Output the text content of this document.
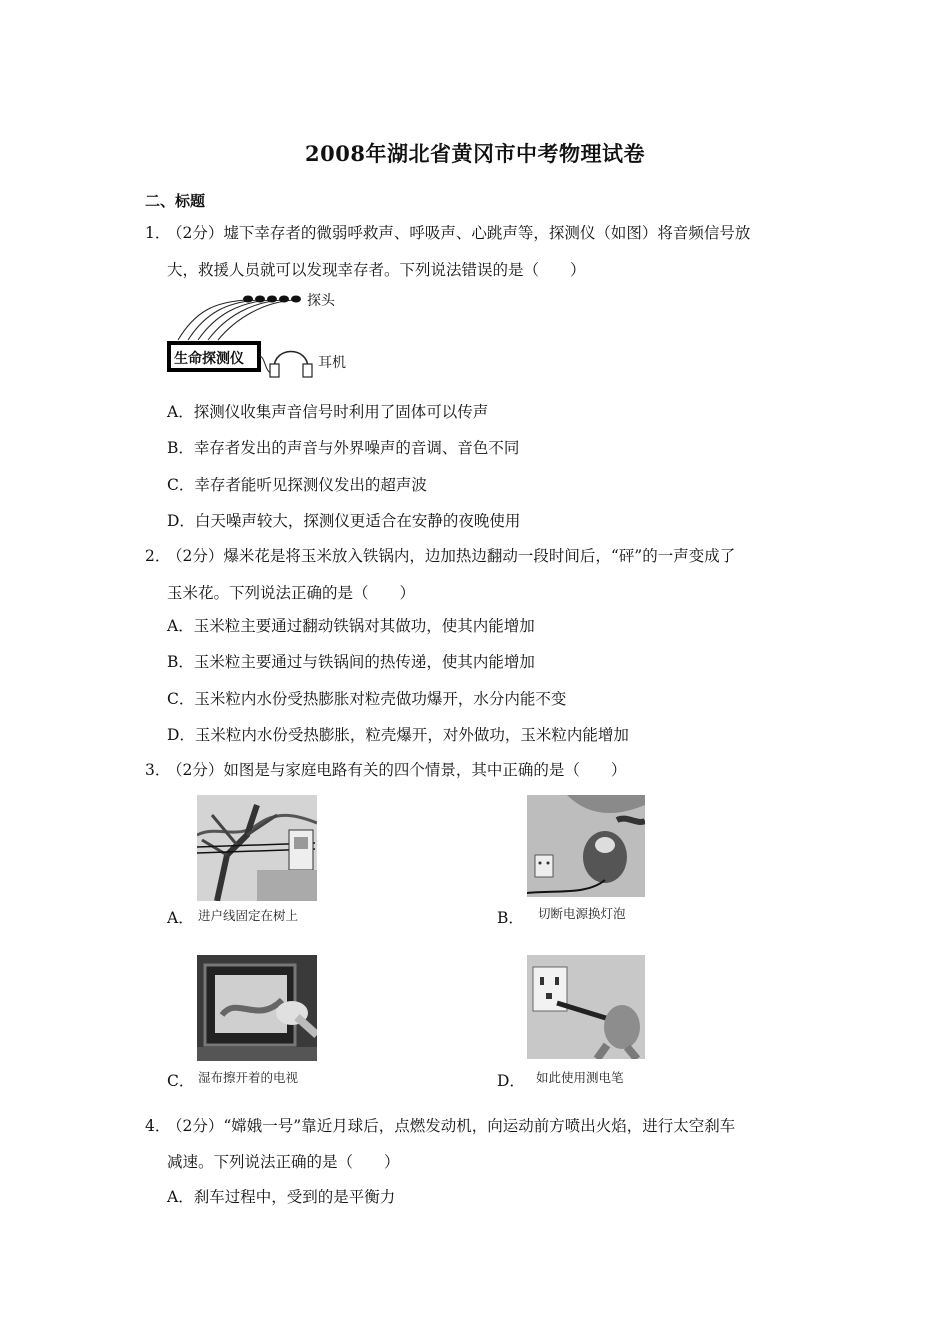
2008年湖北省黄冈市中考物理试卷
二、标题
1．（2分）墟下幸存者的微弱呼救声、呼吸声、心跳声等，探测仪（如图）将音频信号放
大，救援人员就可以发现幸存者。下列说法错误的是（　　）
生命探测仪
探头
耳机
A．探测仪收集声音信号时利用了固体可以传声
B．幸存者发出的声音与外界噪声的音调、音色不同
C．幸存者能听见探测仪发出的超声波
D．白天噪声较大，探测仪更适合在安静的夜晚使用
2．（2分）爆米花是将玉米放入铁锅内，边加热边翻动一段时间后，“砰”的一声变成了
玉米花。下列说法正确的是（　　）
A．玉米粒主要通过翻动铁锅对其做功，使其内能增加
B．玉米粒主要通过与铁锅间的热传递，使其内能增加
C．玉米粒内水份受热膨胀对粒壳做功爆开，水分内能不变
D．玉米粒内水份受热膨胀，粒壳爆开，对外做功，玉米粒内能增加
3．（2分）如图是与家庭电路有关的四个情景，其中正确的是（　　）
A． 进户线固定在树上	B． 切断电源换灯泡
C． 湿布擦开着的电视	D． 如此使用测电笔
4．（2分）“嫦娥一号”靠近月球后，点燃发动机，向运动前方喷出火焰，进行太空刹车
减速。下列说法正确的是（　　）
A．刹车过程中，受到的是平衡力
